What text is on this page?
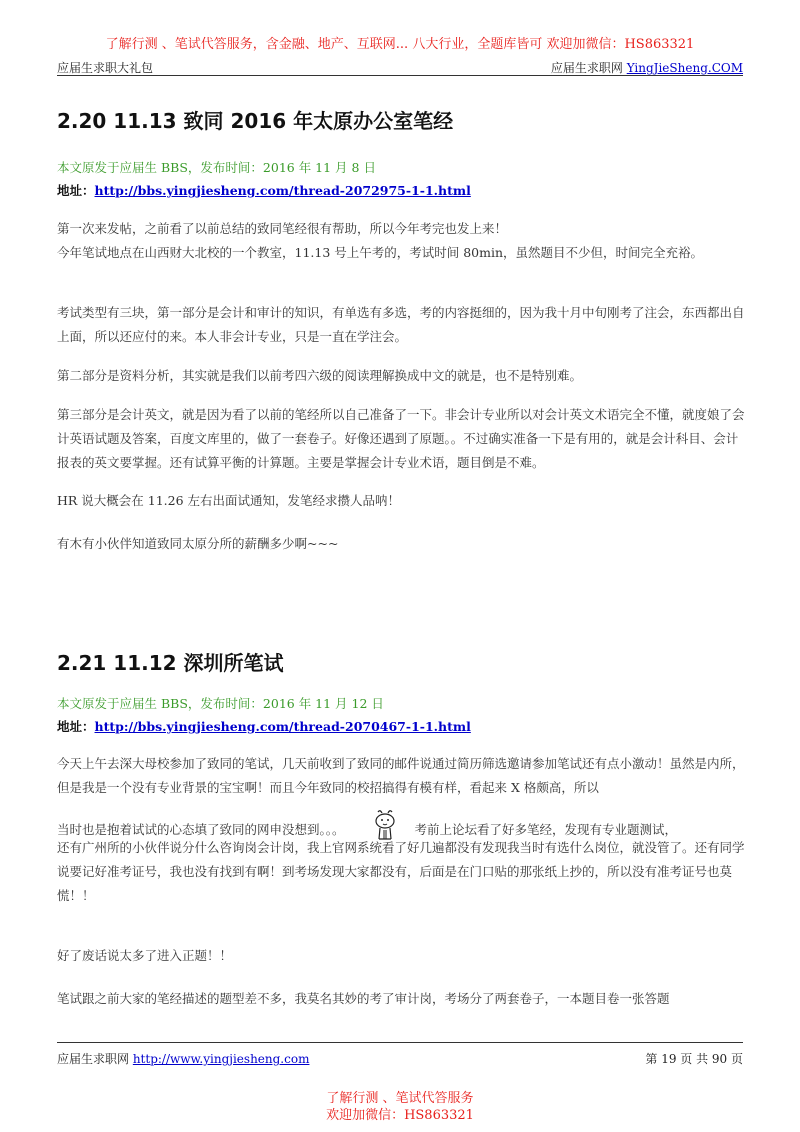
了解行测 、笔试代答服务，含金融、地产、互联网... 八大行业，全题库皆可 欢迎加微信：HS863321
应届生求职大礼包	应届生求职网 YingJieSheng.COM
2.20 11.13 致同 2016 年太原办公室笔经
本文原发于应届生 BBS，发布时间：2016 年 11 月 8 日
地址：http://bbs.yingjiesheng.com/thread-2072975-1-1.html
第一次来发帖，之前看了以前总结的致同笔经很有帮助，所以今年考完也发上来！
今年笔试地点在山西财大北校的一个教室，11.13 号上午考的，考试时间 80min，虽然题目不少但，时间完全充裕。
考试类型有三块，第一部分是会计和审计的知识，有单选有多选，考的内容挺细的，因为我十月中旬刚考了注会，东西都出自上面，所以还应付的来。本人非会计专业，只是一直在学注会。
第二部分是资料分析，其实就是我们以前考四六级的阅读理解换成中文的就是，也不是特别难。
第三部分是会计英文，就是因为看了以前的笔经所以自己准备了一下。非会计专业所以对会计英文术语完全不懂，就度娘了会计英语试题及答案，百度文库里的，做了一套卷子。好像还遇到了原题。。不过确实准备一下是有用的，就是会计科目、会计报表的英文要掌握。还有试算平衡的计算题。主要是掌握会计专业术语，题目倒是不难。
HR 说大概会在 11.26 左右出面试通知，发笔经求攒人品呐！
有木有小伙伴知道致同太原分所的薪酬多少啊~~~
2.21 11.12 深圳所笔试
本文原发于应届生 BBS，发布时间：2016 年 11 月 12 日
地址：http://bbs.yingjiesheng.com/thread-2070467-1-1.html
今天上午去深大母校参加了致同的笔试，几天前收到了致同的邮件说通过简历筛选邀请参加笔试还有点小激动！虽然是内所，但是我是一个没有专业背景的宝宝啊！而且今年致同的校招搞得有模有样，看起来 X 格颇高，所以
当时也是抱着试试的心态填了致同的网申没想到。。。	考前上论坛看了好多笔经，发现有专业题测试，
还有广州所的小伙伴说分什么咨询岗会计岗，我上官网系统看了好几遍都没有发现我当时有选什么岗位，就没管了。还有同学说要记好准考证号，我也没有找到有啊！到考场发现大家都没有，后面是在门口贴的那张纸上抄的，所以没有准考证号也莫慌！！
好了废话说太多了进入正题！！
笔试跟之前大家的笔经描述的题型差不多，我莫名其妙的考了审计岗，考场分了两套卷子，一本题目卷一张答题
应届生求职网 http://www.yingjiesheng.com	第 19 页 共 90 页
了解行测 、笔试代答服务
欢迎加微信：HS863321
